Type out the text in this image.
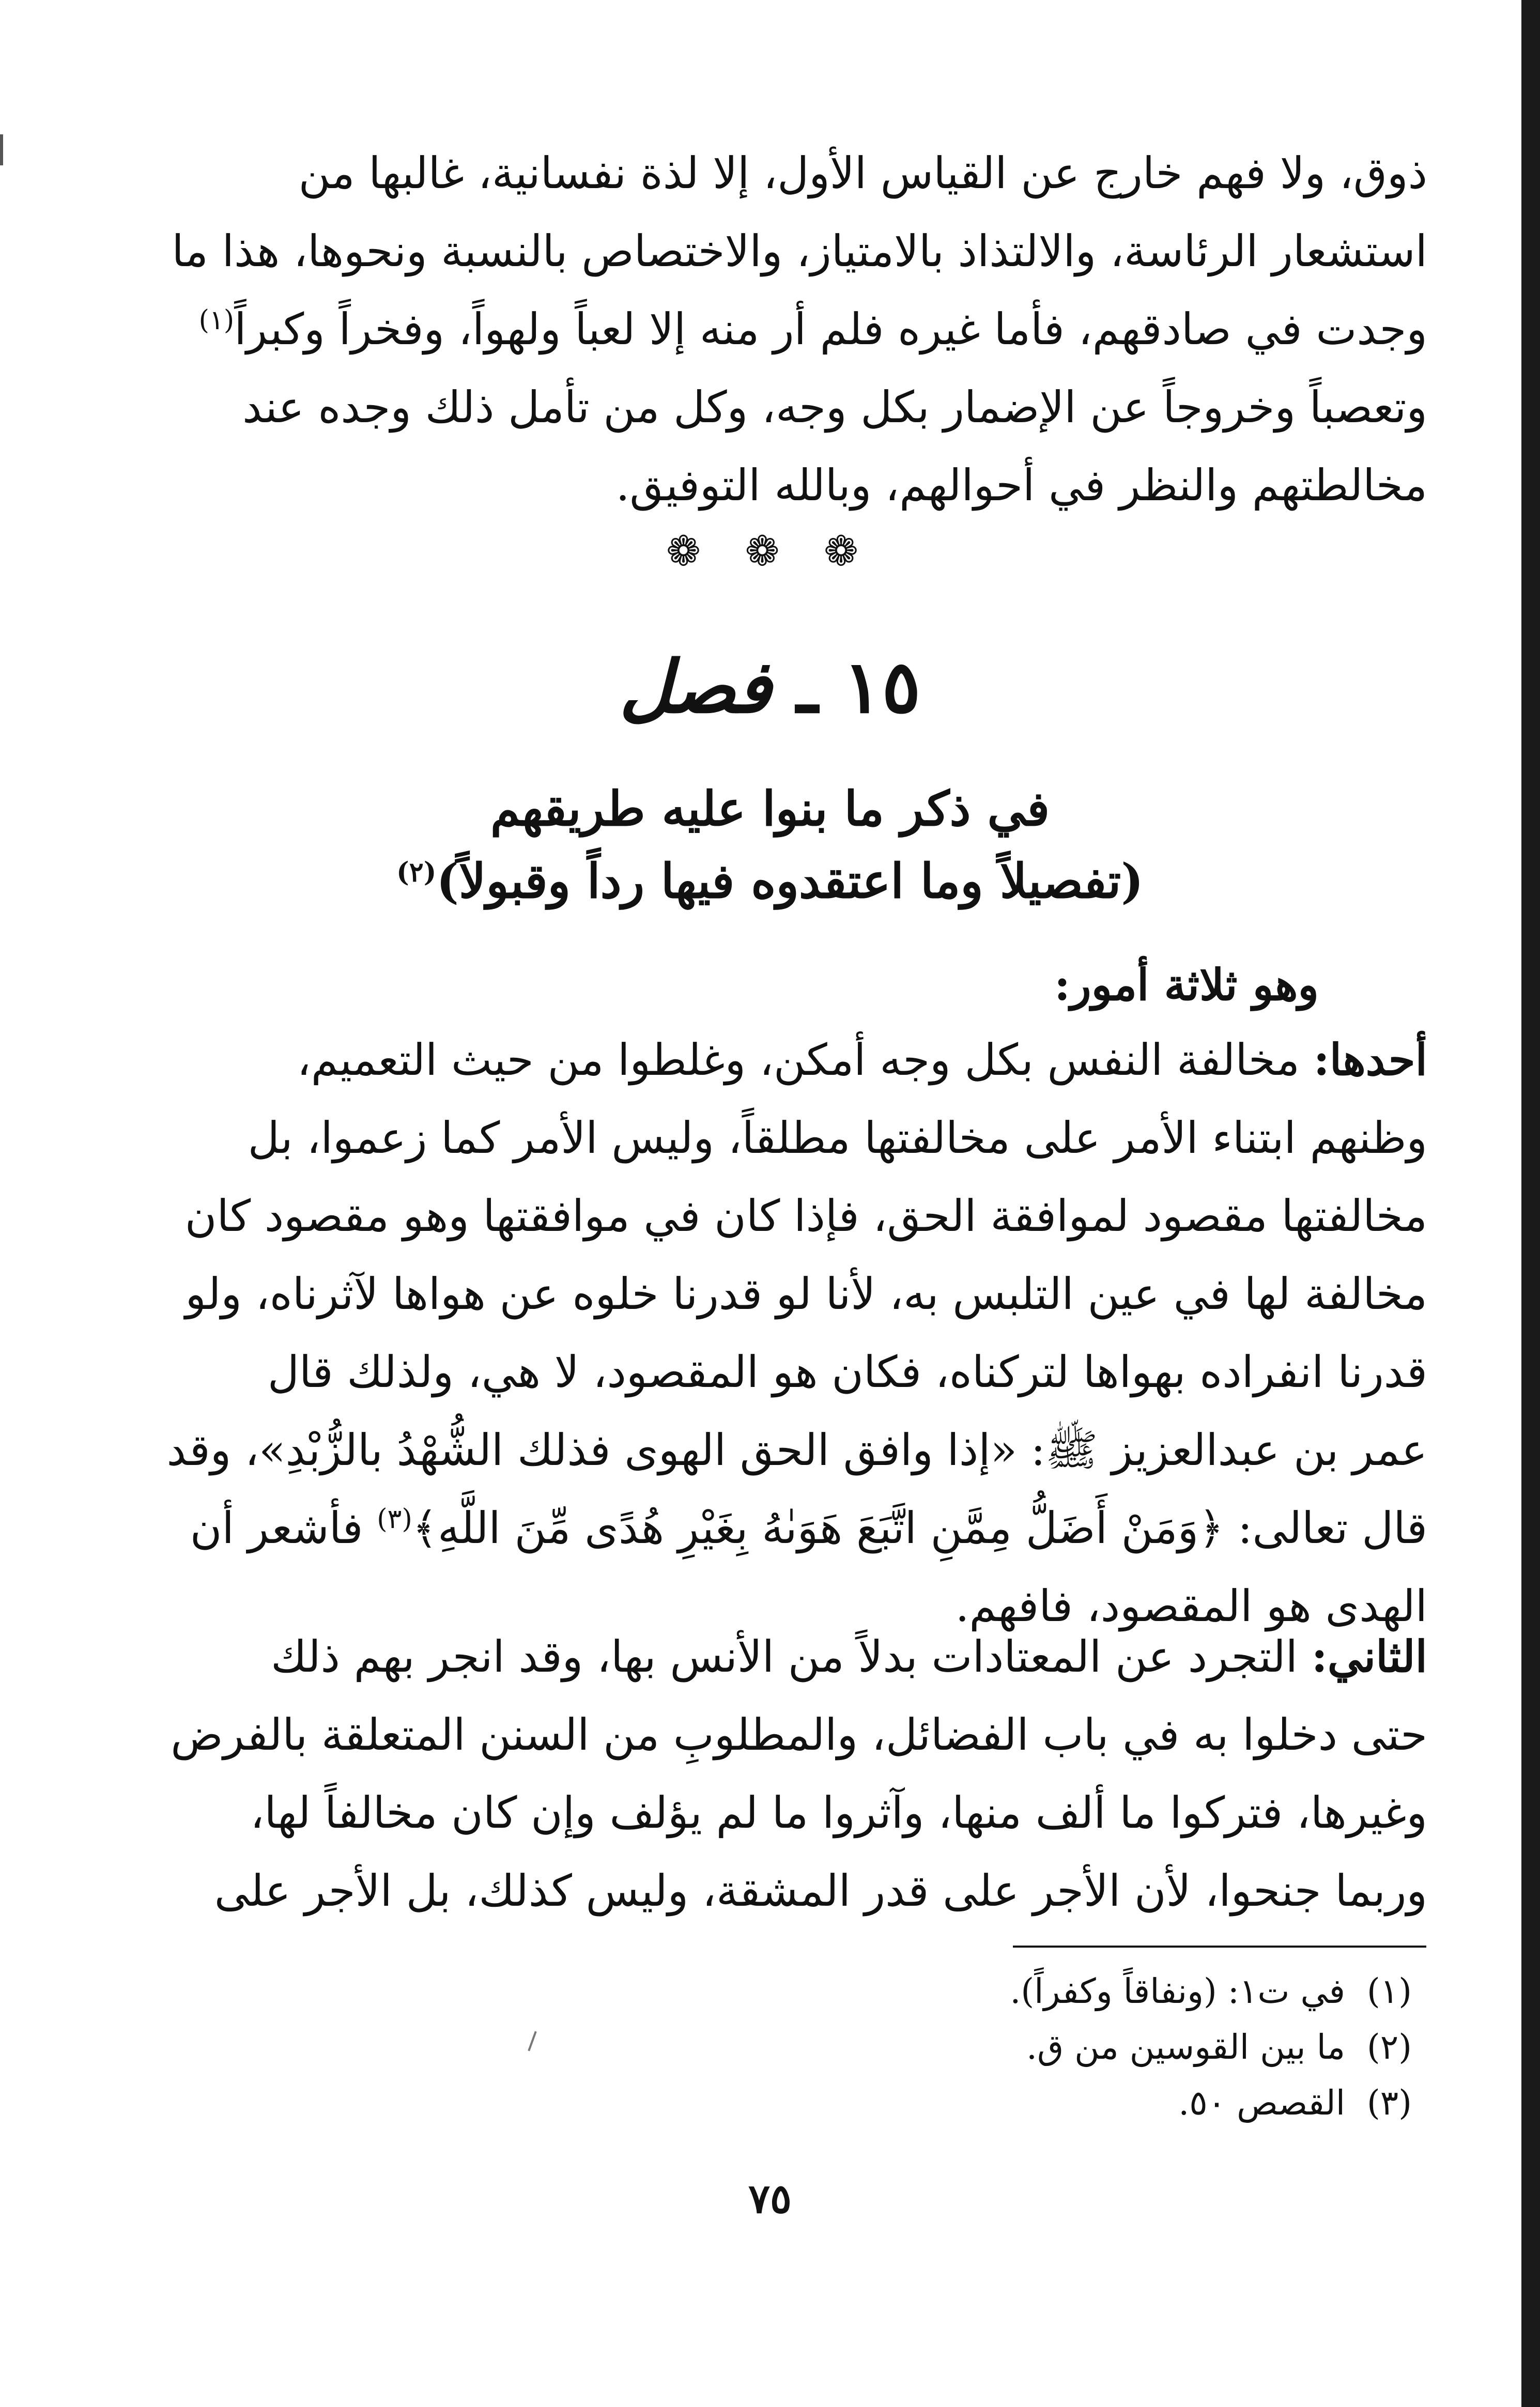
ذوق، ولا فهم خارج عن القياس الأول، إلا لذة نفسانية، غالبها من
استشعار الرئاسة، والالتذاذ بالامتياز، والاختصاص بالنسبة ونحوها، هذا ما
وجدت في صادقهم، فأما غيره فلم أر منه إلا لعباً ولهواً، وفخراً وكبراً$^{(١)}$
وتعصباً وخروجاً عن الإضمار بكل وجه، وكل من تأمل ذلك وجده عند
مخالطتهم والنظر في أحوالهم، وبالله التوفيق.
❁ ❁ ❁
١٥ ـ فصل
في ذكر ما بنوا عليه طريقهم
(تفصيلاً وما اعتقدوه فيها رداً وقبولاً)$^{(٢)}$
وهو ثلاثة أمور:
أحدها: مخالفة النفس بكل وجه أمكن، وغلطوا من حيث التعميم،
وظنهم ابتناء الأمر على مخالفتها مطلقاً، وليس الأمر كما زعموا، بل
مخالفتها مقصود لموافقة الحق، فإذا كان في موافقتها وهو مقصود كان
مخالفة لها في عين التلبس به، لأنا لو قدرنا خلوه عن هواها لآثرناه، ولو
قدرنا انفراده بهواها لتركناه، فكان هو المقصود، لا هي، ولذلك قال
عمر بن عبدالعزيز ﷺ: «إذا وافق الحق الهوى فذلك الشُّهْدُ بالزُّبْدِ»، وقد
قال تعالى: ﴿وَمَنْ أَضَلُّ مِمَّنِ اتَّبَعَ هَوَىٰهُ بِغَيْرِ هُدًى مِّنَ اللَّهِ﴾$^{(٣)}$ فأشعر أن
الهدى هو المقصود، فافهم.
الثاني: التجرد عن المعتادات بدلاً من الأنس بها، وقد انجر بهم ذلك
حتى دخلوا به في باب الفضائل، والمطلوبِ من السنن المتعلقة بالفرض
وغيرها، فتركوا ما ألف منها، وآثروا ما لم يؤلف وإن كان مخالفاً لها،
وربما جنحوا، لأن الأجر على قدر المشقة، وليس كذلك، بل الأجر على
(١)  في ت١: (ونفاقاً وكفراً).
(٢)  ما بين القوسين من ق.
(٣)  القصص ٥٠.
٧٥
